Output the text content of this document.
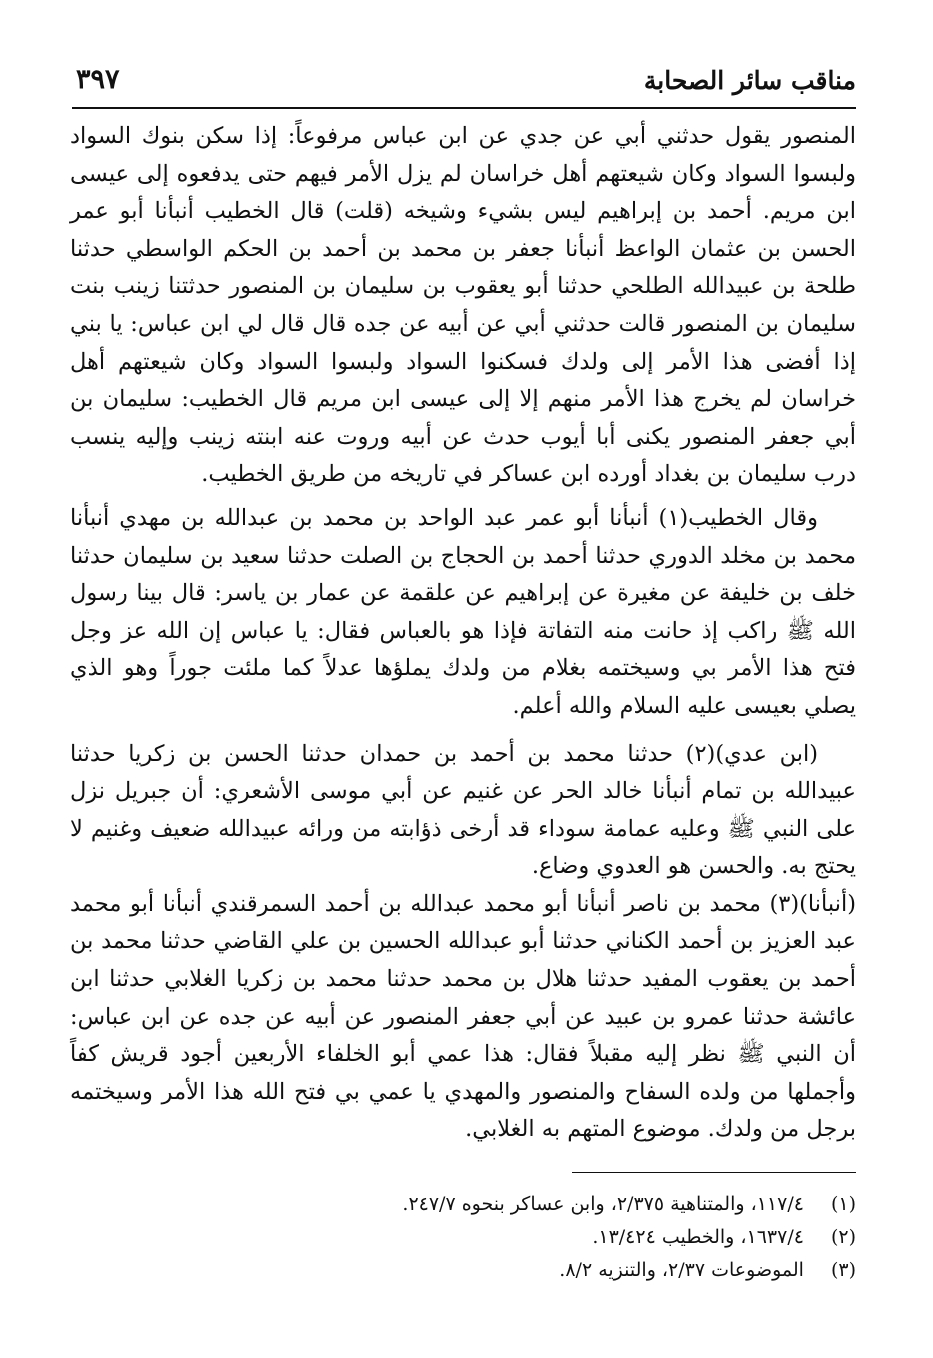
مناقب سائر الصحابة
٣٩٧

المنصور يقول حدثني أبي عن جدي عن ابن عباس مرفوعاً: إذا سكن بنوك السواد ولبسوا السواد وكان شيعتهم أهل خراسان لم يزل الأمر فيهم حتى يدفعوه إلى عيسى ابن مريم. أحمد بن إبراهيم ليس بشيء وشيخه (قلت) قال الخطيب أنبأنا أبو عمر الحسن بن عثمان الواعظ أنبأنا جعفر بن محمد بن أحمد بن الحكم الواسطي حدثنا طلحة بن عبيدالله الطلحي حدثنا أبو يعقوب بن سليمان بن المنصور حدثتنا زينب بنت سليمان بن المنصور قالت حدثني أبي عن أبيه عن جده قال قال لي ابن عباس: يا بني إذا أفضى هذا الأمر إلى ولدك فسكنوا السواد ولبسوا السواد وكان شيعتهم أهل خراسان لم يخرج هذا الأمر منهم إلا إلى عيسى ابن مريم قال الخطيب: سليمان بن أبي جعفر المنصور يكنى أبا أيوب حدث عن أبيه وروت عنه ابنته زينب وإليه ينسب درب سليمان بن بغداد أورده ابن عساكر في تاريخه من طريق الخطيب.

وقال الخطيب(١) أنبأنا أبو عمر عبد الواحد بن محمد بن عبدالله بن مهدي أنبأنا محمد بن مخلد الدوري حدثنا أحمد بن الحجاج بن الصلت حدثنا سعيد بن سليمان حدثنا خلف بن خليفة عن مغيرة عن إبراهيم عن علقمة عن عمار بن ياسر: قال بينا رسول الله ﷺ راكب إذ حانت منه التفاتة فإذا هو بالعباس فقال: يا عباس إن الله عز وجل فتح هذا الأمر بي وسيختمه بغلام من ولدك يملؤها عدلاً كما ملئت جوراً وهو الذي يصلي بعيسى عليه السلام والله أعلم.

(ابن عدي)(٢) حدثنا محمد بن أحمد بن حمدان حدثنا الحسن بن زكريا حدثنا عبيدالله بن تمام أنبأنا خالد الحر عن غنيم عن أبي موسى الأشعري: أن جبريل نزل على النبي ﷺ وعليه عمامة سوداء قد أرخى ذؤابته من ورائه عبيدالله ضعيف وغنيم لا يحتج به. والحسن هو العدوي وضاع.

(أنبأنا)(٣) محمد بن ناصر أنبأنا أبو محمد عبدالله بن أحمد السمرقندي أنبأنا أبو محمد عبد العزيز بن أحمد الكناني حدثنا أبو عبدالله الحسين بن علي القاضي حدثنا محمد بن أحمد بن يعقوب المفيد حدثنا هلال بن محمد حدثنا محمد بن زكريا الغلابي حدثنا ابن عائشة حدثنا عمرو بن عبيد عن أبي جعفر المنصور عن أبيه عن جده عن ابن عباس: أن النبي ﷺ نظر إليه مقبلاً فقال: هذا عمي أبو الخلفاء الأربعين أجود قريش كفاً وأجملها من ولده السفاح والمنصور والمهدي يا عمي بي فتح الله هذا الأمر وسيختمه برجل من ولدك. موضوع المتهم به الغلابي.

(١) ١١٧/٤، والمتناهية ٢/٣٧٥، وابن عساكر بنحوه ٢٤٧/٧.

(٢) ١٦٣٧/٤، والخطيب ١٣/٤٢٤.

(٣) الموضوعات ٢/٣٧، والتنزيه ٨/٢.
